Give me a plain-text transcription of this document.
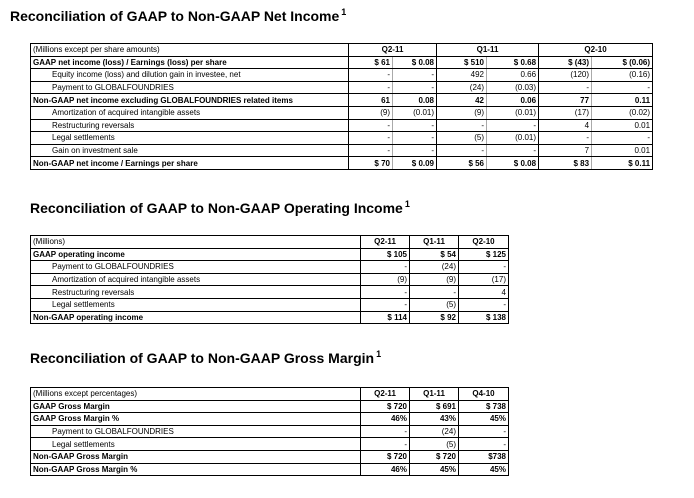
Reconciliation of GAAP to Non-GAAP Net Income $^1$
(Millions except per share amounts)	Q2-11		Q1-11		Q2-10	
GAAP net income (loss) / Earnings (loss) per share	$ 61	$ 0.08	$ 510	$ 0.68	$ (43)	$ (0.06)
Equity income (loss) and dilution gain in investee, net	-	-	492	0.66	(120)	(0.16)
Payment to GLOBALFOUNDRIES	-	-	(24)	(0.03)	-	-
Non-GAAP net income excluding GLOBALFOUNDRIES related items	61	0.08	42	0.06	77	0.11
Amortization of acquired intangible assets	(9)	(0.01)	(9)	(0.01)	(17)	(0.02)
Restructuring reversals	-	-	-	-	4	0.01
Legal settlements	-	-	(5)	(0.01)	-	-
Gain on investment sale	-	-	-	-	7	0.01
Non-GAAP net income / Earnings per share	$ 70	$ 0.09	$ 56	$ 0.08	$ 83	$ 0.11
Reconciliation of GAAP to Non-GAAP Operating Income $^1$
(Millions)	Q2-11	Q1-11	Q2-10
GAAP operating income	$ 105	$ 54	$ 125
Payment to GLOBALFOUNDRIES	-	(24)	-
Amortization of acquired intangible assets	(9)	(9)	(17)
Restructuring reversals	-	-	4
Legal settlements	-	(5)	-
Non-GAAP operating income	$ 114	$ 92	$ 138
Reconciliation of GAAP to Non-GAAP Gross Margin $^1$
(Millions except percentages)	Q2-11	Q1-11	Q4-10
GAAP Gross Margin	$ 720	$ 691	$ 738
GAAP Gross Margin %	46%	43%	45%
Payment to GLOBALFOUNDRIES	-	(24)	-
Legal settlements	-	(5)	-
Non-GAAP Gross Margin	$ 720	$ 720	$738
Non-GAAP Gross Margin %	46%	45%	45%
